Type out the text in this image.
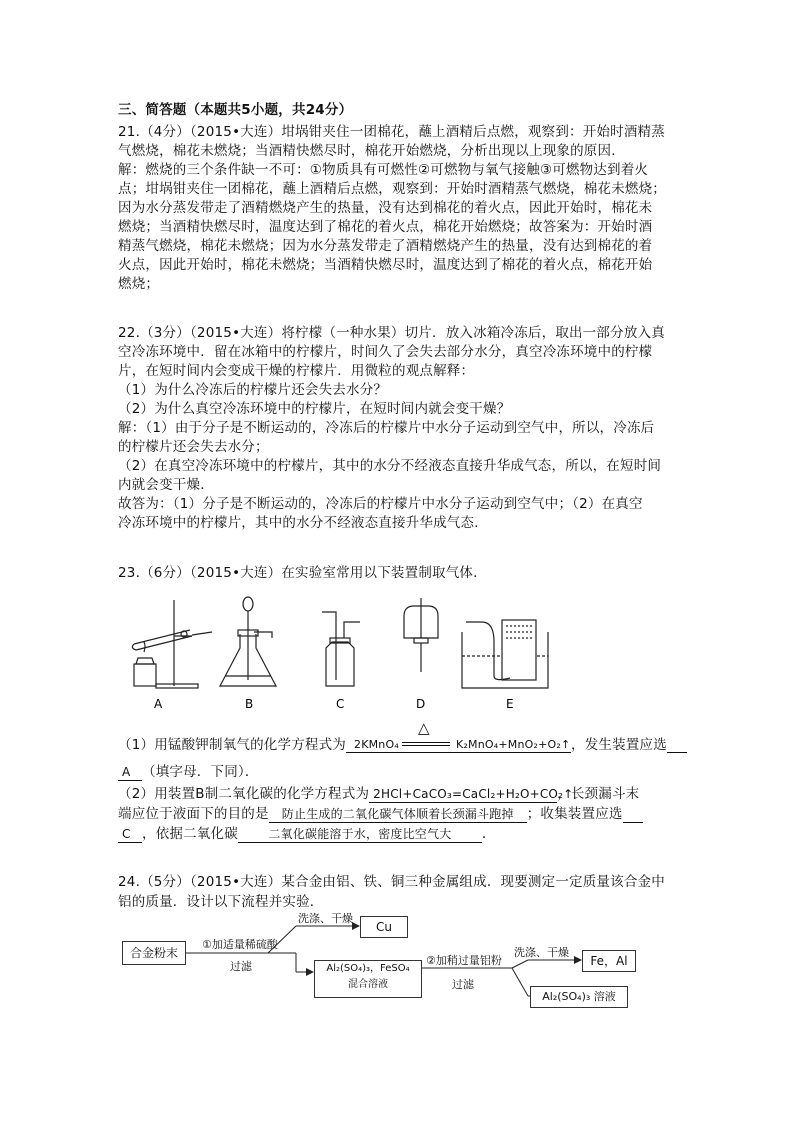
三、简答题（本题共5小题，共24分）
21.（4分）（2015•大连）坩埚钳夹住一团棉花，蘸上酒精后点燃，观察到：开始时酒精蒸
气燃烧，棉花未燃烧；当酒精快燃尽时，棉花开始燃烧，分析出现以上现象的原因.
解：燃烧的三个条件缺一不可：①物质具有可燃性②可燃物与氧气接触③可燃物达到着火
点；坩埚钳夹住一团棉花，蘸上酒精后点燃，观察到：开始时酒精蒸气燃烧，棉花未燃烧；
因为水分蒸发带走了酒精燃烧产生的热量，没有达到棉花的着火点，因此开始时，棉花未
燃烧；当酒精快燃尽时，温度达到了棉花的着火点，棉花开始燃烧；故答案为：开始时酒
精蒸气燃烧，棉花未燃烧；因为水分蒸发带走了酒精燃烧产生的热量，没有达到棉花的着
火点，因此开始时，棉花未燃烧；当酒精快燃尽时，温度达到了棉花的着火点，棉花开始
燃烧；
22.（3分）（2015•大连）将柠檬（一种水果）切片．放入冰箱冷冻后，取出一部分放入真
空冷冻环境中．留在冰箱中的柠檬片，时间久了会失去部分水分，真空冷冻环境中的柠檬
片，在短时间内会变成干燥的柠檬片．用微粒的观点解释：
（1）为什么冷冻后的柠檬片还会失去水分？
（2）为什么真空冷冻环境中的柠檬片，在短时间内就会变干燥？
解：（1）由于分子是不断运动的，冷冻后的柠檬片中水分子运动到空气中，所以，冷冻后
的柠檬片还会失去水分；
（2）在真空冷冻环境中的柠檬片，其中的水分不经液态直接升华成气态，所以，在短时间
内就会变干燥．
故答为：（1）分子是不断运动的，冷冻后的柠檬片中水分子运动到空气中；（2）在真空
冷冻环境中的柠檬片，其中的水分不经液态直接升华成气态．
23.（6分）（2015•大连）在实验室常用以下装置制取气体．
A	B	C	D	E
（1）用锰酸钾制氧气的化学方程式为 2KMnO₄
△
K₂MnO₄+MnO₂+O₂↑ ，发生装置应选
A （填字母．下同）．
（2）用装置B制二氧化碳的化学方程式为 2HCl+CaCO₃=CaCl₂+H₂O+CO₂↑，长颈漏斗末
端应位于液面下的目的是 防止生成的二氧化碳气体顺着长颈漏斗跑掉 ；收集装置应选
C ，依据二氧化碳	二氧化碳能溶于水，密度比空气大 ．
24.（5分）（2015•大连）某合金由铝、铁、铜三种金属组成．现要测定一定质量该合金中
铝的质量．设计以下流程并实验．
合金粉末
①加适量稀硫酸
过滤
洗涤、干燥
Cu
Al₂(SO₄)₃，FeSO₄
混合溶液
②加稍过量铝粉
过滤
洗涤、干燥
Fe，Al
Al₂(SO₄)₃ 溶液
